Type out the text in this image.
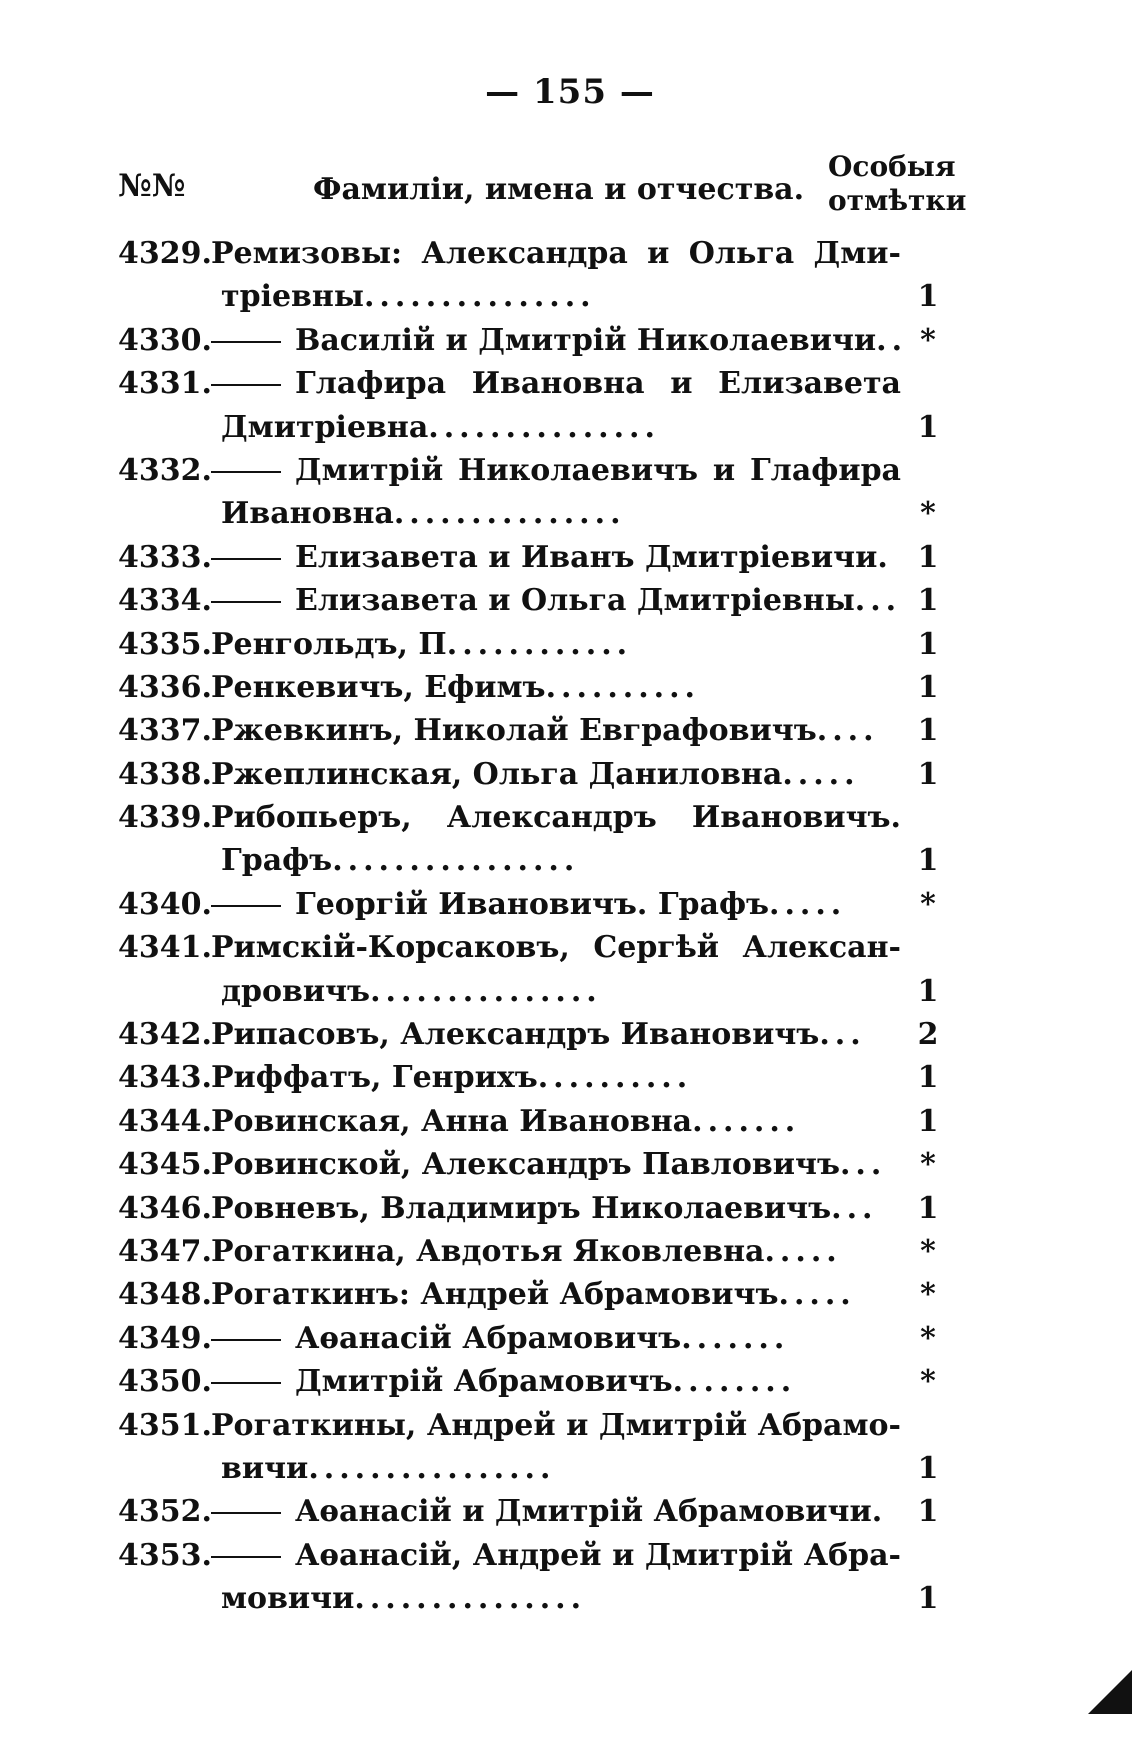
— 155 —
№№	Фамиліи, имена и отчества.
Особыя
отмѣтки
4329. Ремизовы: Александра и Ольга Дми-
тріевны...............	1
4330.	Василій и Дмитрій Николаевичи.. *
4331.	Глафира Ивановна и Елизавета
Дмитріевна...............	1
4332.	Дмитрій Николаевичъ и Глафира
Ивановна...............	*
4333.	Елизавета и Иванъ Дмитріевичи. 1
4334.	Елизавета и Ольга Дмитріевны... 1
4335. Ренгольдъ, П............	1
4336. Ренкевичъ, Ефимъ..........	1
4337. Ржевкинъ, Николай Евграфовичъ....	1
4338. Ржеплинская, Ольга Даниловна.....	1
4339. Рибопьеръ, Александръ Ивановичъ.
Графъ................	1
4340.	Георгій Ивановичъ. Графъ.....	*
4341. Римскій-Корсаковъ, Сергѣй Алексан-
дровичъ...............	1
4342. Рипасовъ, Александръ Ивановичъ...	2
4343. Риффатъ, Генрихъ..........	1
4344. Ровинская, Анна Ивановна.......	1
4345. Ровинской, Александръ Павловичъ...	*
4346. Ровневъ, Владимиръ Николаевичъ...	1
4347. Рогаткина, Авдотья Яковлевна.....	*
4348. Рогаткинъ: Андрей Абрамовичъ.....	*
4349.	Аѳанасій Абрамовичъ.......	*
4350.	Дмитрій Абрамовичъ........	*
4351. Рогаткины, Андрей и Дмитрій Абрамо-
вичи................	1
4352.	Аѳанасій и Дмитрій Абрамовичи.	1
4353.	Аѳанасій, Андрей и Дмитрій Абра-
мовичи...............	1
